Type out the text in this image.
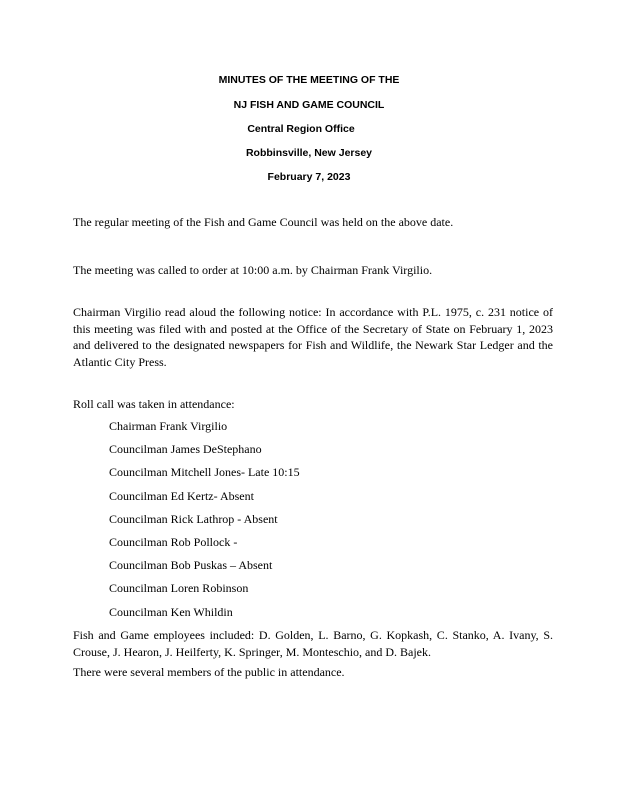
MINUTES OF THE MEETING OF THE
NJ FISH AND GAME COUNCIL
Central Region Office
Robbinsville, New Jersey
February 7, 2023
The regular meeting of the Fish and Game Council was held on the above date.
The meeting was called to order at 10:00 a.m. by Chairman Frank Virgilio.
Chairman Virgilio read aloud the following notice: In accordance with P.L. 1975, c. 231 notice of this meeting was filed with and posted at the Office of the Secretary of State on February 1, 2023 and delivered to the designated newspapers for Fish and Wildlife, the Newark Star Ledger and the Atlantic City Press.
Roll call was taken in attendance:
Chairman Frank Virgilio
Councilman James DeStephano
Councilman Mitchell Jones- Late 10:15
Councilman Ed Kertz- Absent
Councilman Rick Lathrop - Absent
Councilman Rob Pollock -
Councilman Bob Puskas – Absent
Councilman Loren Robinson
Councilman Ken Whildin
Fish and Game employees included: D. Golden, L. Barno, G. Kopkash, C. Stanko, A. Ivany, S. Crouse, J. Hearon, J. Heilferty, K. Springer, M. Monteschio, and D. Bajek.
There were several members of the public in attendance.
